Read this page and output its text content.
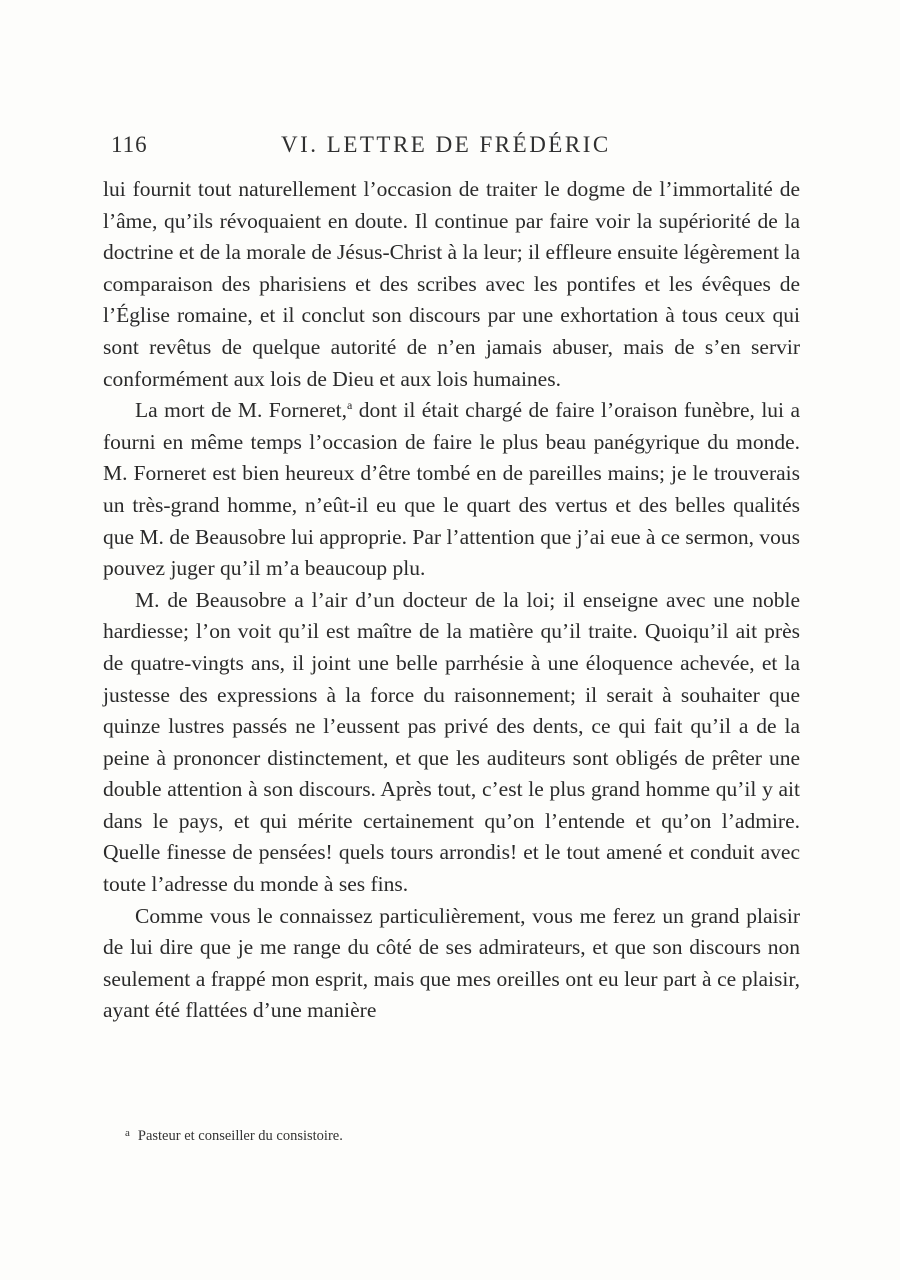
116	VI. LETTRE DE FRÉDÉRIC

lui fournit tout naturellement l’occasion de traiter le dogme de l’immortalité de l’âme, qu’ils révoquaient en doute. Il continue par faire voir la supériorité de la doctrine et de la morale de Jésus-Christ à la leur; il effleure ensuite légèrement la comparaison des pharisiens et des scribes avec les pontifes et les évêques de l’Église romaine, et il conclut son discours par une exhortation à tous ceux qui sont revêtus de quelque autorité de n’en jamais abuser, mais de s’en servir conformément aux lois de Dieu et aux lois humaines.

La mort de M. Forneret,$^a$ dont il était chargé de faire l’oraison funèbre, lui a fourni en même temps l’occasion de faire le plus beau panégyrique du monde. M. Forneret est bien heureux d’être tombé en de pareilles mains; je le trouverais un très-grand homme, n’eût-il eu que le quart des vertus et des belles qualités que M. de Beausobre lui approprie. Par l’attention que j’ai eue à ce sermon, vous pouvez juger qu’il m’a beaucoup plu.

M. de Beausobre a l’air d’un docteur de la loi; il enseigne avec une noble hardiesse; l’on voit qu’il est maître de la matière qu’il traite. Quoiqu’il ait près de quatre-vingts ans, il joint une belle parrhésie à une éloquence achevée, et la justesse des expressions à la force du raisonnement; il serait à souhaiter que quinze lustres passés ne l’eussent pas privé des dents, ce qui fait qu’il a de la peine à prononcer distinctement, et que les auditeurs sont obligés de prêter une double attention à son discours. Après tout, c’est le plus grand homme qu’il y ait dans le pays, et qui mérite certainement qu’on l’entende et qu’on l’admire. Quelle finesse de pensées! quels tours arrondis! et le tout amené et conduit avec toute l’adresse du monde à ses fins.

Comme vous le connaissez particulièrement, vous me ferez un grand plaisir de lui dire que je me range du côté de ses admirateurs, et que son discours non seulement a frappé mon esprit, mais que mes oreilles ont eu leur part à ce plaisir, ayant été flattées d’une manière

$^a$ Pasteur et conseiller du consistoire.
